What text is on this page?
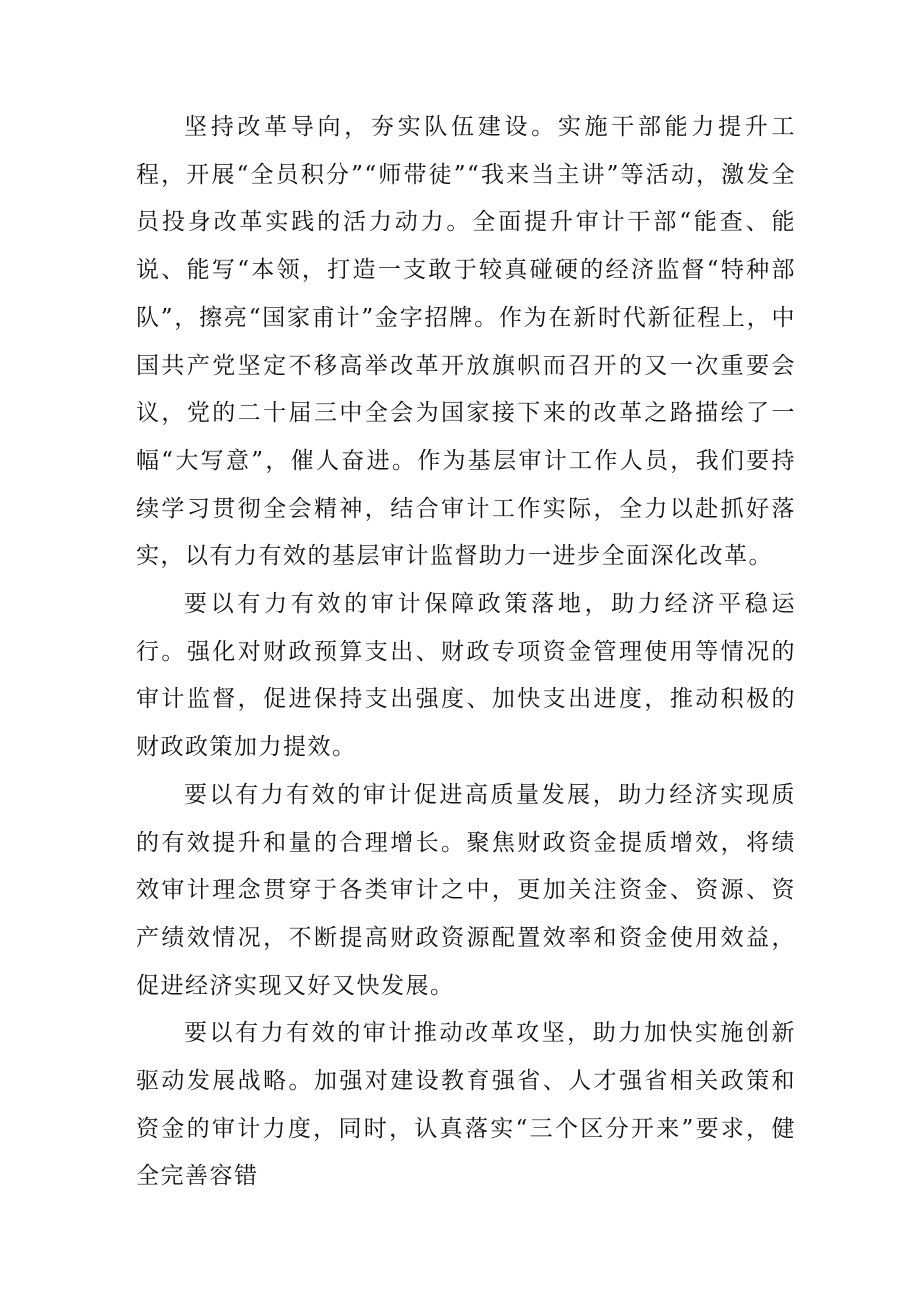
坚持改革导向，夯实队伍建设。实施干部能力提升工程，开展“全员积分”“师带徒”“我来当主讲”等活动，激发全员投身改革实践的活力动力。全面提升审计干部“能查、能说、能写“本领，打造一支敢于较真碰硬的经济监督“特种部队”，擦亮“国家甫计”金字招牌。作为在新时代新征程上，中国共产党坚定不移高举改革开放旗帜而召开的又一次重要会议，党的二十届三中全会为国家接下来的改革之路描绘了一幅“大写意”，催人奋进。作为基层审计工作人员，我们要持续学习贯彻全会精神，结合审计工作实际，全力以赴抓好落实，以有力有效的基层审计监督助力一进步全面深化改革。

要以有力有效的审计保障政策落地，助力经济平稳运行。强化对财政预算支出、财政专项资金管理使用等情况的审计监督，促进保持支出强度、加快支出进度，推动积极的财政政策加力提效。

要以有力有效的审计促进高质量发展，助力经济实现质的有效提升和量的合理增长。聚焦财政资金提质增效，将绩效审计理念贯穿于各类审计之中，更加关注资金、资源、资产绩效情况，不断提高财政资源配置效率和资金使用效益，促进经济实现又好又快发展。

要以有力有效的审计推动改革攻坚，助力加快实施创新驱动发展战略。加强对建设教育强省、人才强省相关政策和资金的审计力度，同时，认真落实“三个区分开来”要求，健全完善容错
